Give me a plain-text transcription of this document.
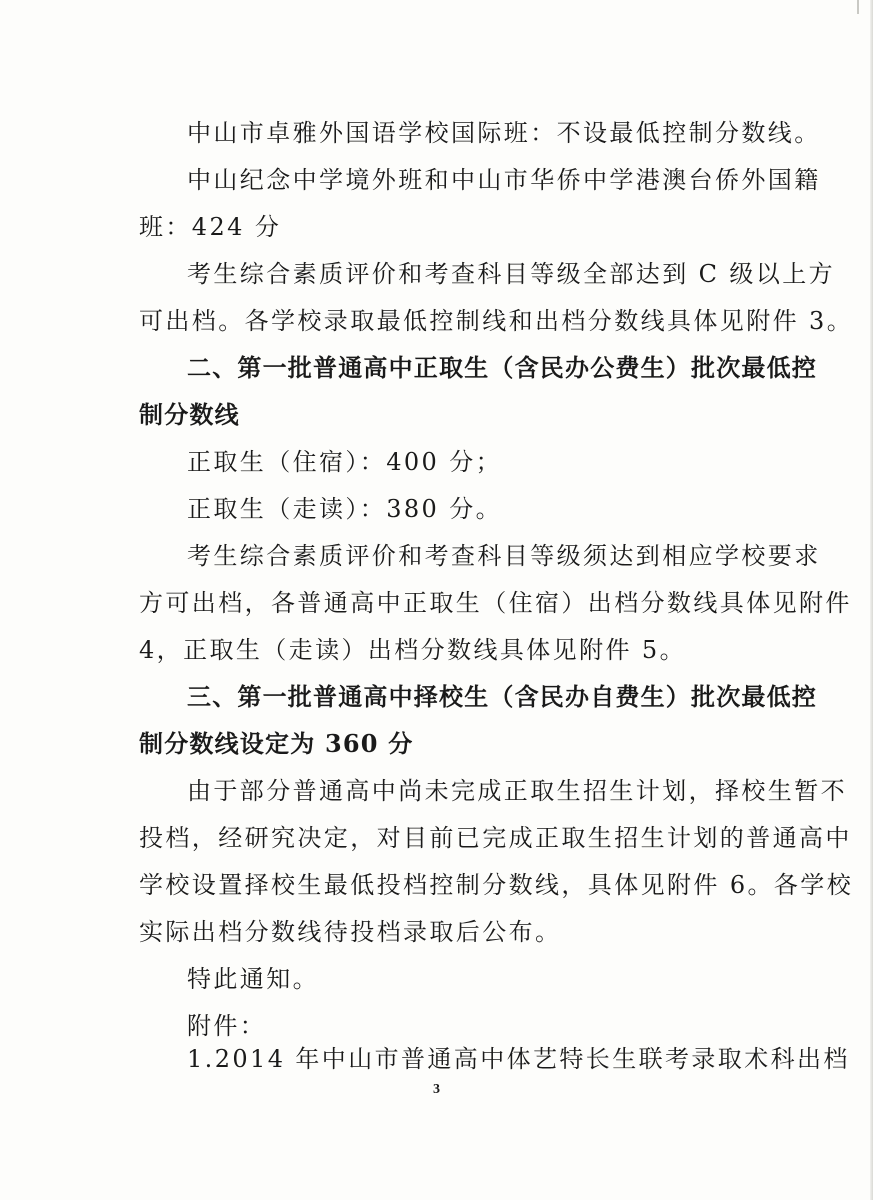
中山市卓雅外国语学校国际班：不设最低控制分数线。
中山纪念中学境外班和中山市华侨中学港澳台侨外国籍
班：424 分
考生综合素质评价和考查科目等级全部达到 C 级以上方
可出档。各学校录取最低控制线和出档分数线具体见附件 3。
二、第一批普通高中正取生（含民办公费生）批次最低控
制分数线
正取生（住宿）：400 分；
正取生（走读）：380 分。
考生综合素质评价和考查科目等级须达到相应学校要求
方可出档，各普通高中正取生（住宿）出档分数线具体见附件
4，正取生（走读）出档分数线具体见附件 5。
三、第一批普通高中择校生（含民办自费生）批次最低控
制分数线设定为 360 分
由于部分普通高中尚未完成正取生招生计划，择校生暂不
投档，经研究决定，对目前已完成正取生招生计划的普通高中
学校设置择校生最低投档控制分数线，具体见附件 6。各学校
实际出档分数线待投档录取后公布。
特此通知。
附件：
1.2014 年中山市普通高中体艺特长生联考录取术科出档
3
